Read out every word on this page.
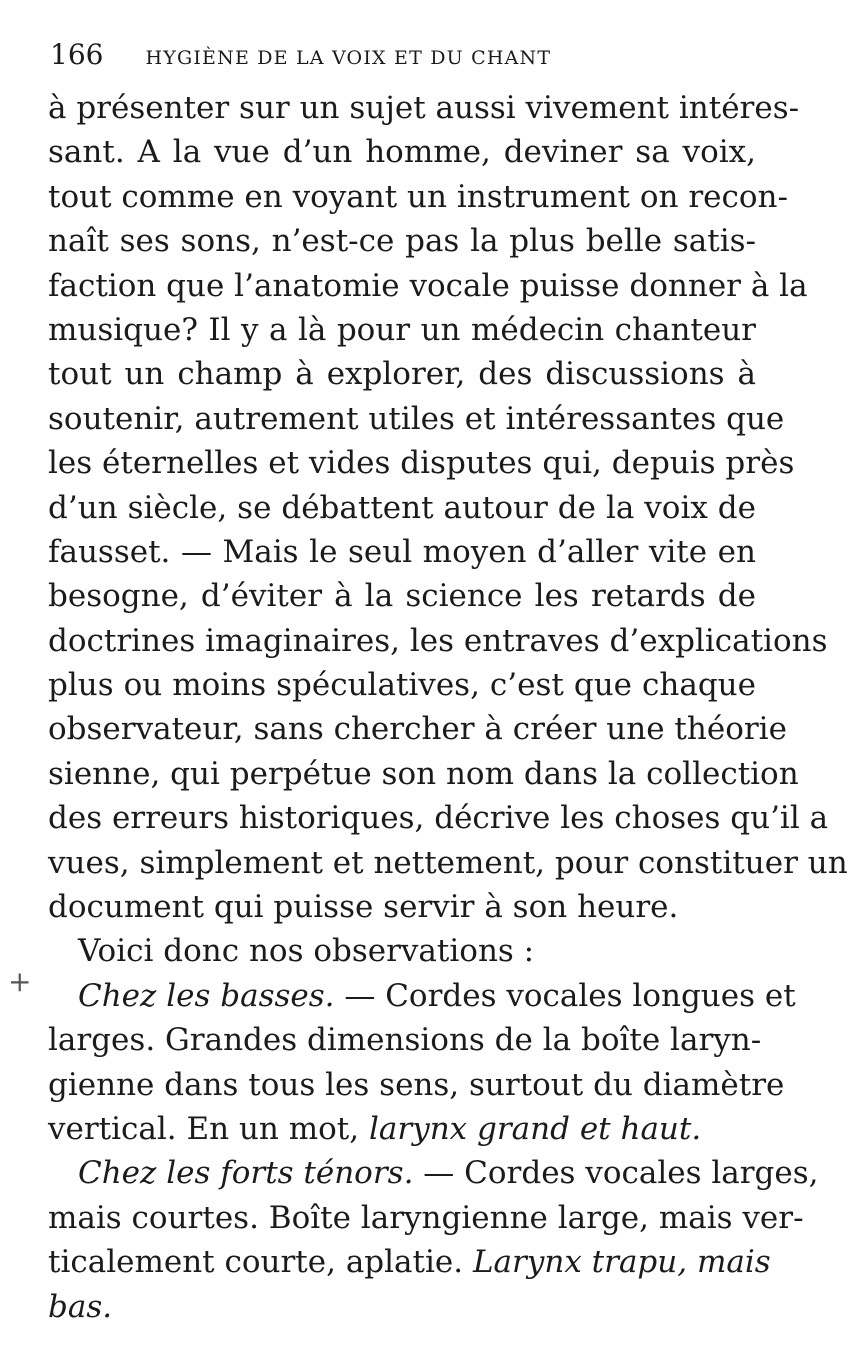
166 HYGIÈNE DE LA VOIX ET DU CHANT
+
à présenter sur un sujet aussi vivement intéres-
sant. A la vue d’un homme, deviner sa voix,
tout comme en voyant un instrument on recon-
naît ses sons, n’est-ce pas la plus belle satis-
faction que l’anatomie vocale puisse donner à la
musique? Il y a là pour un médecin chanteur
tout un champ à explorer, des discussions à
soutenir, autrement utiles et intéressantes que
les éternelles et vides disputes qui, depuis près
d’un siècle, se débattent autour de la voix de
fausset. — Mais le seul moyen d’aller vite en
besogne, d’éviter à la science les retards de
doctrines imaginaires, les entraves d’explications
plus ou moins spéculatives, c’est que chaque
observateur, sans chercher à créer une théorie
sienne, qui perpétue son nom dans la collection
des erreurs historiques, décrive les choses qu’il a
vues, simplement et nettement, pour constituer un
document qui puisse servir à son heure.
Voici donc nos observations :
Chez les basses. — Cordes vocales longues et
larges. Grandes dimensions de la boîte laryn-
gienne dans tous les sens, surtout du diamètre
vertical. En un mot, larynx grand et haut.
Chez les forts ténors. — Cordes vocales larges,
mais courtes. Boîte laryngienne large, mais ver-
ticalement courte, aplatie. Larynx trapu, mais
bas.
